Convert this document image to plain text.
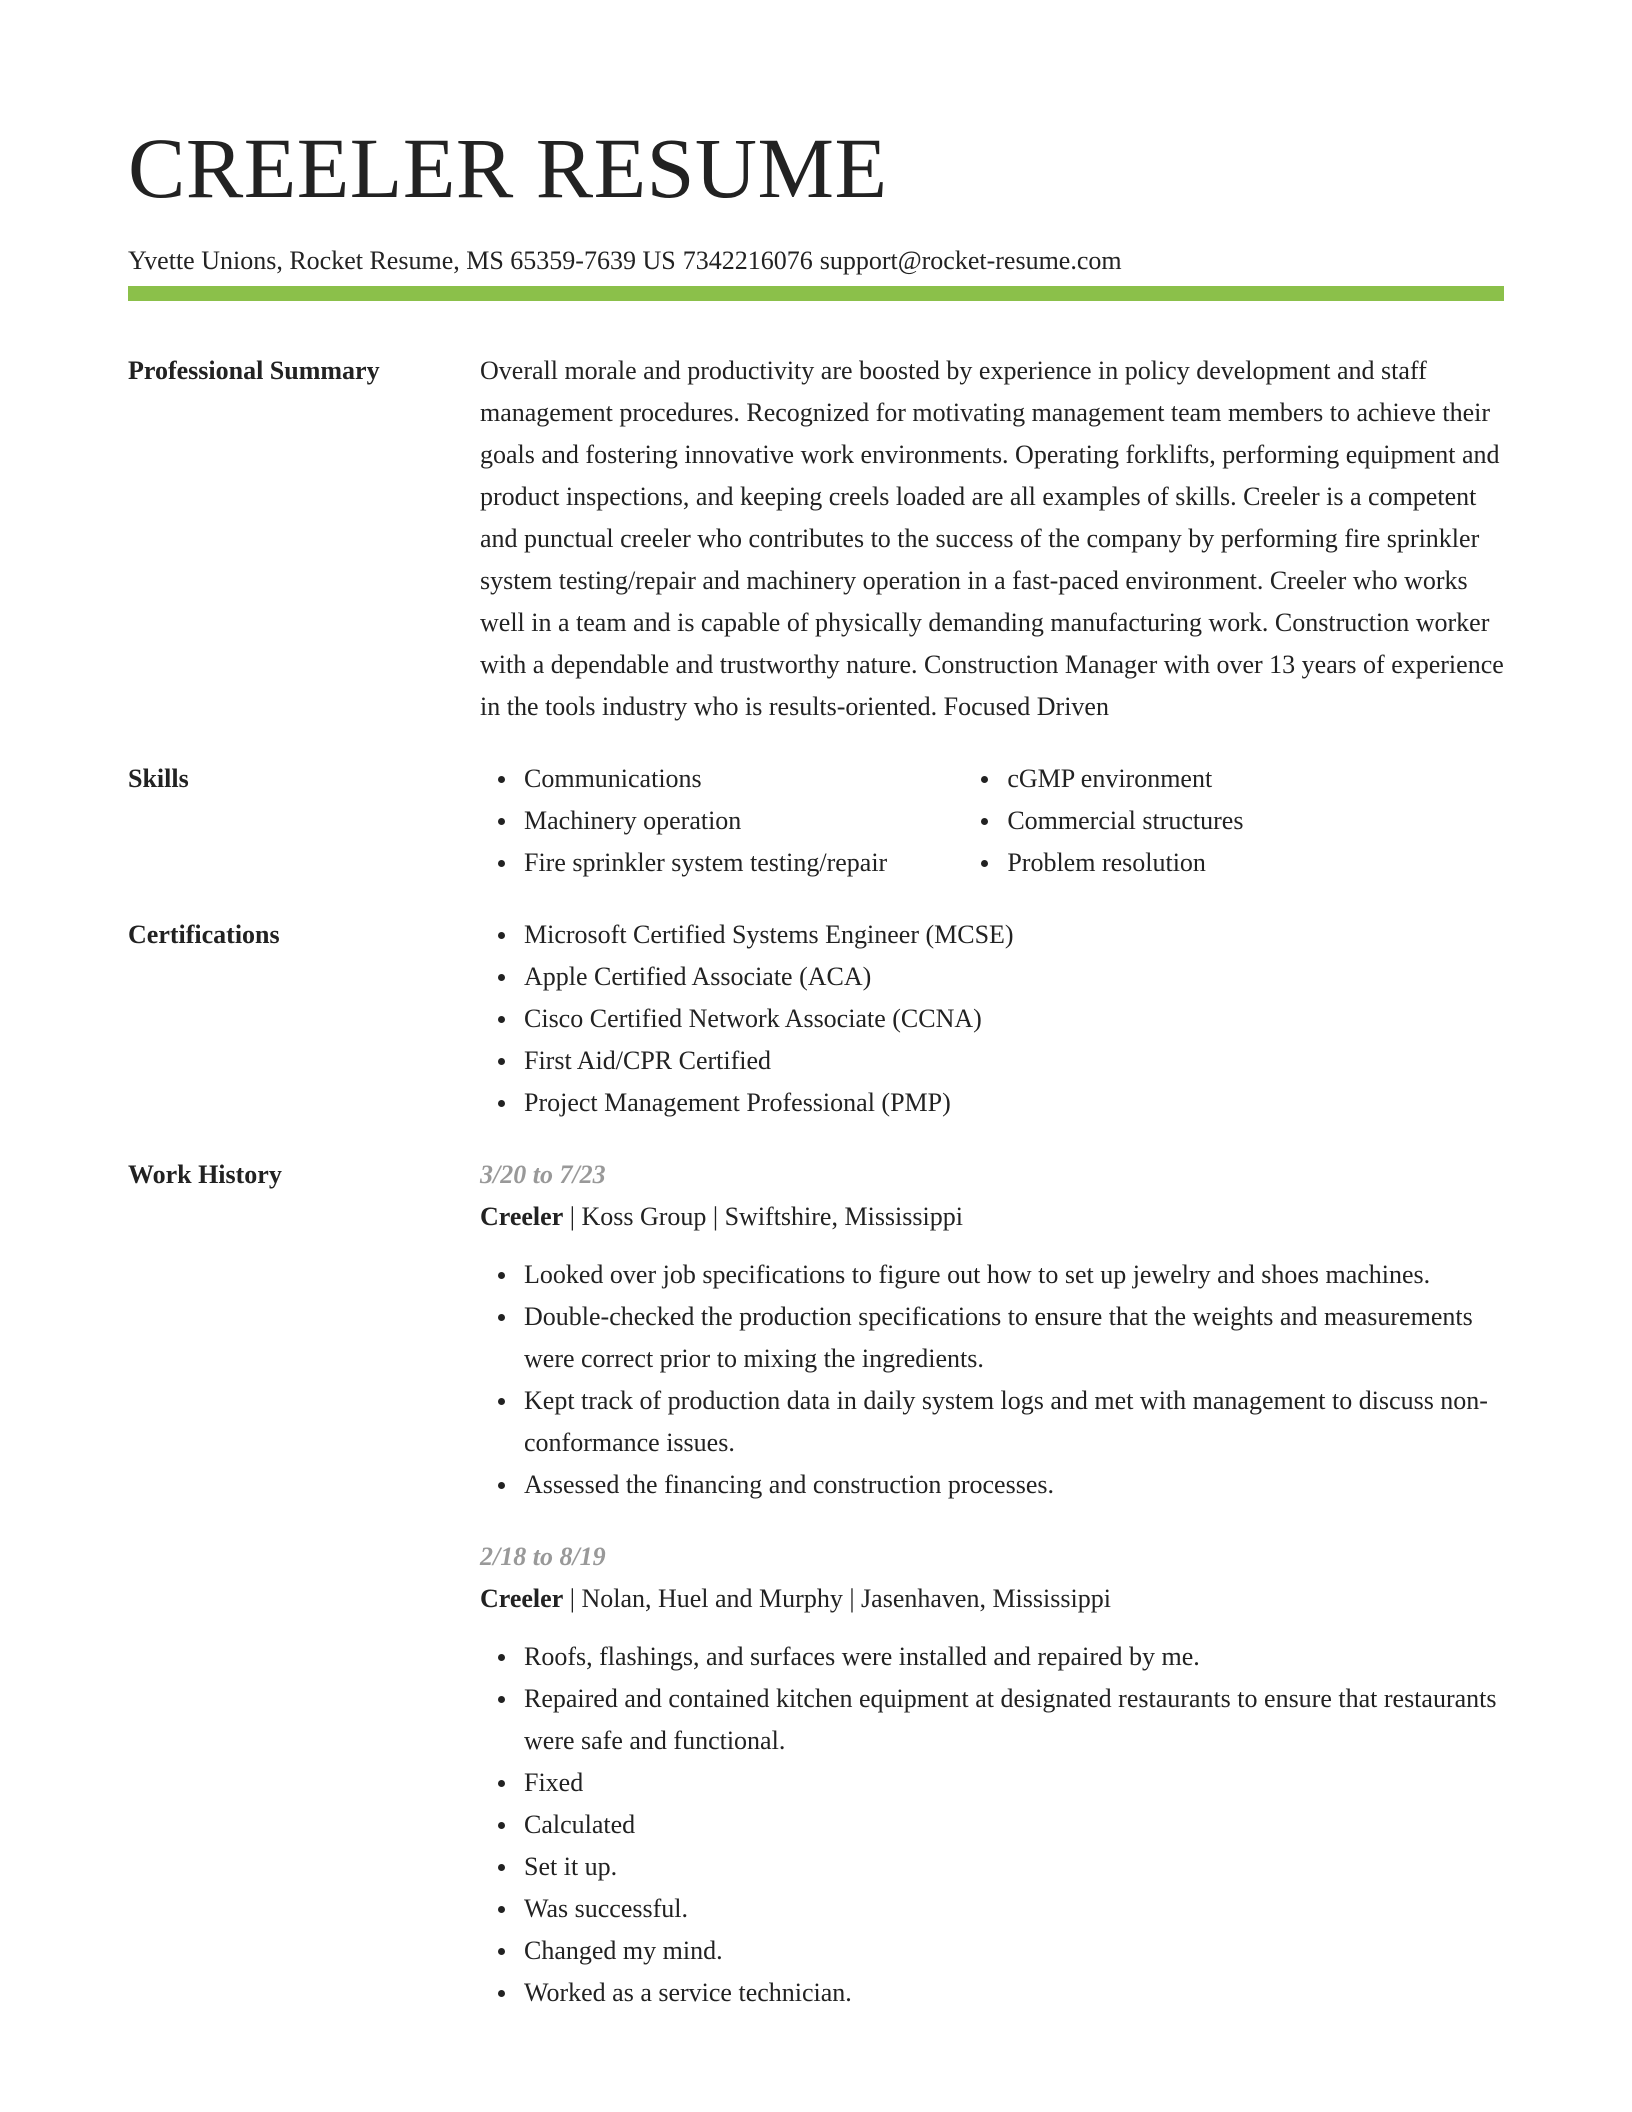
CREELER RESUME
Yvette Unions, Rocket Resume, MS 65359-7639 US 7342216076 support@rocket-resume.com
Professional Summary	Overall morale and productivity are boosted by experience in policy development and staff management procedures. Recognized for motivating management team members to achieve their goals and fostering innovative work environments. Operating forklifts, performing equipment and product inspections, and keeping creels loaded are all examples of skills. Creeler is a competent and punctual creeler who contributes to the success of the company by performing fire sprinkler system testing/repair and machinery operation in a fast-paced environment. Creeler who works well in a team and is capable of physically demanding manufacturing work. Construction worker with a dependable and trustworthy nature. Construction Manager with over 13 years of experience in the tools industry who is results-oriented. Focused Driven

Skills	Communications
Machinery operation
Fire sprinkler system testing/repair
cGMP environment
Commercial structures
Problem resolution
Certifications	Microsoft Certified Systems Engineer (MCSE)
Apple Certified Associate (ACA)
Cisco Certified Network Associate (CCNA)
First Aid/CPR Certified
Project Management Professional (PMP)
Work History	3/20 to 7/23
Creeler | Koss Group | Swiftshire, Mississippi
Looked over job specifications to figure out how to set up jewelry and shoes machines.
Double-checked the production specifications to ensure that the weights and measurements were correct prior to mixing the ingredients.
Kept track of production data in daily system logs and met with management to discuss non-conformance issues.
Assessed the financing and construction processes.
2/18 to 8/19
Creeler | Nolan, Huel and Murphy | Jasenhaven, Mississippi
Roofs, flashings, and surfaces were installed and repaired by me.
Repaired and contained kitchen equipment at designated restaurants to ensure that restaurants were safe and functional.
Fixed
Calculated
Set it up.
Was successful.
Changed my mind.
Worked as a service technician.
